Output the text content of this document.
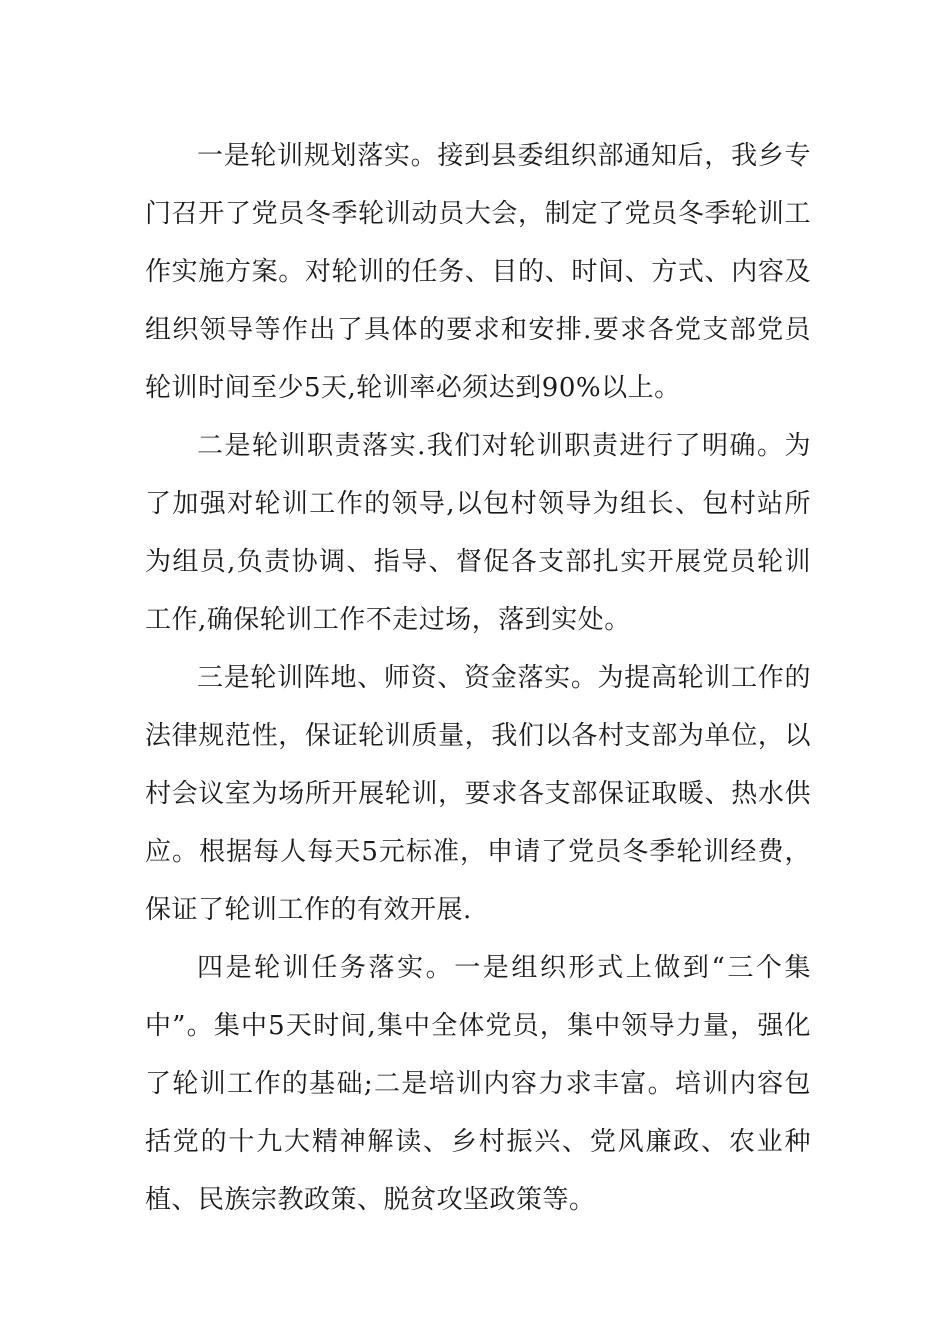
一是轮训规划落实。接到县委组织部通知后，我乡专门召开了党员冬季轮训动员大会，制定了党员冬季轮训工作实施方案。对轮训的任务、目的、时间、方式、内容及组织领导等作出了具体的要求和安排.要求各党支部党员轮训时间至少5天,轮训率必须达到90%以上。

二是轮训职责落实.我们对轮训职责进行了明确。为了加强对轮训工作的领导,以包村领导为组长、包村站所为组员,负责协调、指导、督促各支部扎实开展党员轮训工作,确保轮训工作不走过场，落到实处。

三是轮训阵地、师资、资金落实。为提高轮训工作的法律规范性，保证轮训质量，我们以各村支部为单位，以村会议室为场所开展轮训，要求各支部保证取暖、热水供应。根据每人每天5元标准，申请了党员冬季轮训经费，保证了轮训工作的有效开展.

四是轮训任务落实。一是组织形式上做到“三个集中”。集中5天时间,集中全体党员，集中领导力量，强化了轮训工作的基础;二是培训内容力求丰富。培训内容包括党的十九大精神解读、乡村振兴、党风廉政、农业种植、民族宗教政策、脱贫攻坚政策等。
